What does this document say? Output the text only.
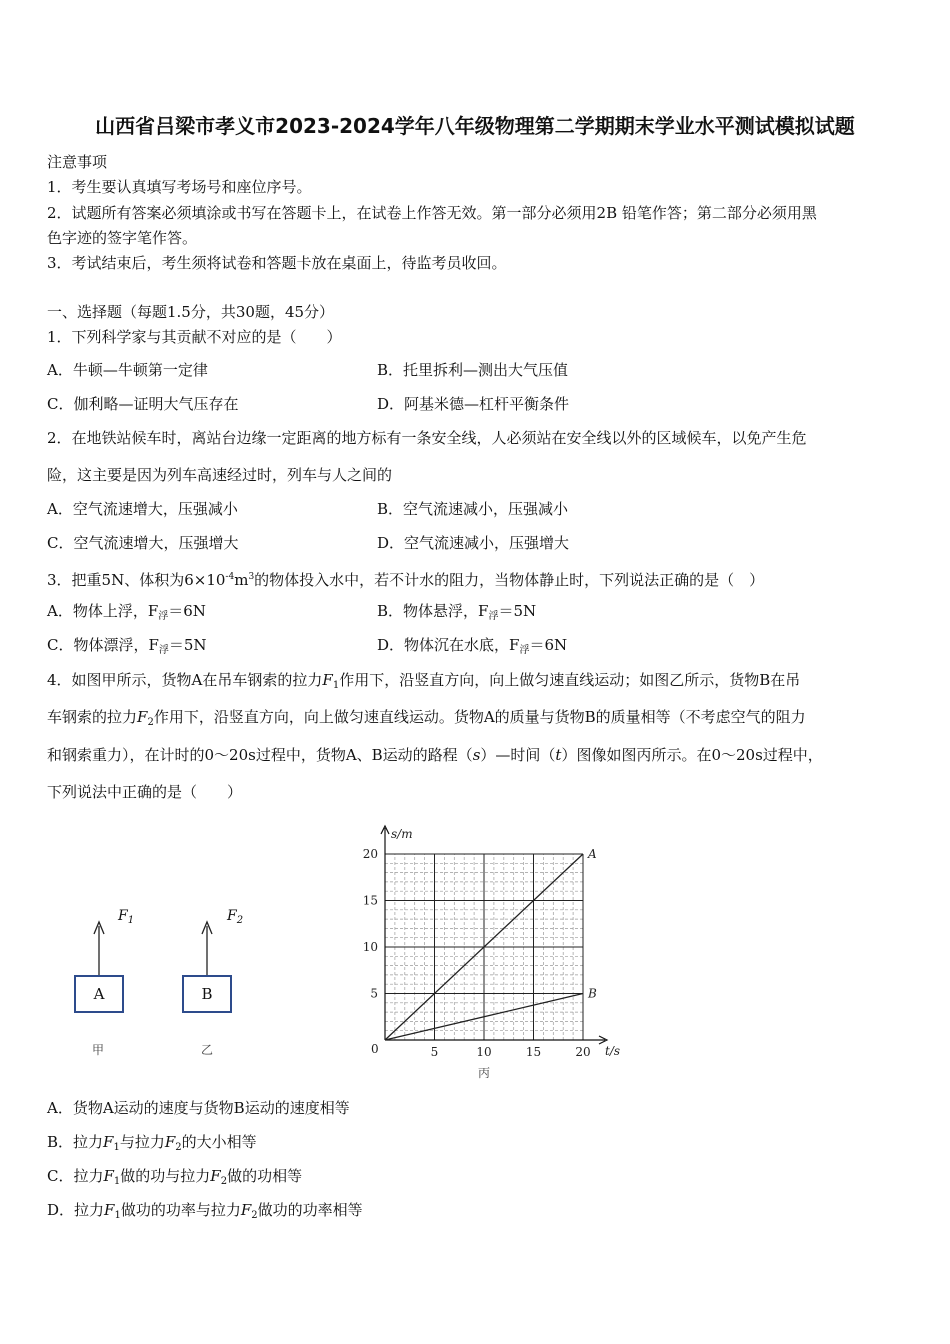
山西省吕梁市孝义市2023-2024学年八年级物理第二学期期末学业水平测试模拟试题
注意事项
1．考生要认真填写考场号和座位序号。
2．试题所有答案必须填涂或书写在答题卡上，在试卷上作答无效。第一部分必须用2B 铅笔作答；第二部分必须用黑
色字迹的签字笔作答。
3．考试结束后，考生须将试卷和答题卡放在桌面上，待监考员收回。
一、选择题（每题1.5分，共30题，45分）
1．下列科学家与其贡献不对应的是（　　）
A．牛顿—牛顿第一定律	B．托里拆利—测出大气压值
C．伽利略—证明大气压存在	D．阿基米德—杠杆平衡条件
2．在地铁站候车时，离站台边缘一定距离的地方标有一条安全线，人必须站在安全线以外的区域候车，以免产生危
险，这主要是因为列车高速经过时，列车与人之间的
A．空气流速增大，压强减小	B．空气流速减小，压强减小
C．空气流速增大，压强增大	D．空气流速减小，压强增大
3．把重5N、体积为$6\times 10^{-4}m^3$的物体投入水中，若不计水的阻力，当物体静止时，下列说法正确的是（　）
A．物体上浮，$F_浮=6N$	B．物体悬浮，$F_浮=5N$
C．物体漂浮，$F_浮=5N$	D．物体沉在水底，$F_浮=6N$
4．如图甲所示，货物A在吊车钢索的拉力$F_1$作用下，沿竖直方向，向上做匀速直线运动；如图乙所示，货物B在吊
车钢索的拉力$F_2$作用下，沿竖直方向，向上做匀速直线运动。货物A的质量与货物B的质量相等（不考虑空气的阻力
和钢索重力），在计时的0～20s过程中，货物A、B运动的路程（s）—时间（t）图像如图丙所示。在0～20s过程中，
下列说法中正确的是（　　）
$F_1$	$F_2$
A	B
甲	乙	0	5	10	15	20
5
10
15
20
s/m
t/s
A
B
丙
A．货物A运动的速度与货物B运动的速度相等
B．拉力$F_1$与拉力$F_2$的大小相等
C．拉力$F_1$做的功与拉力$F_2$做的功相等
D．拉力$F_1$做功的功率与拉力$F_2$做功的功率相等
